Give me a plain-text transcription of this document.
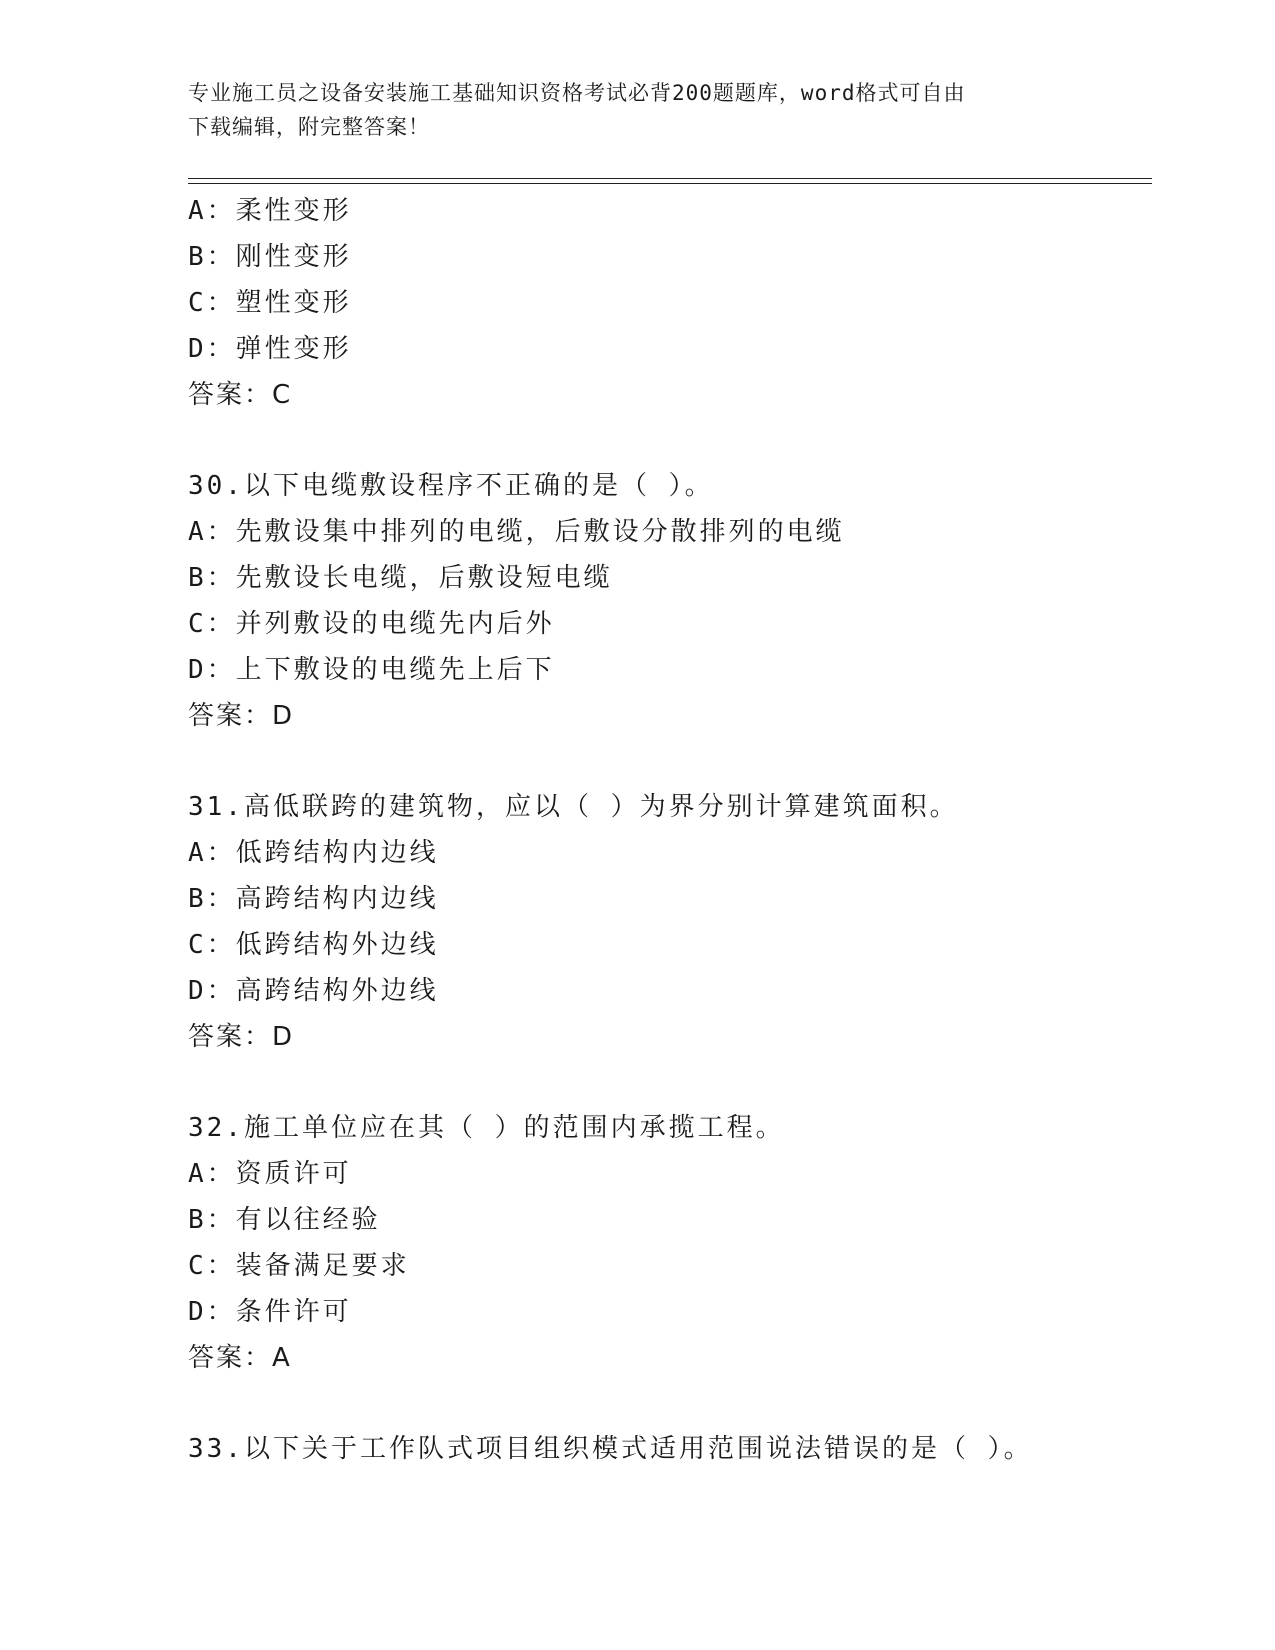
专业施工员之设备安装施工基础知识资格考试必背200题题库，word格式可自由
下载编辑，附完整答案！
A：柔性变形
B：刚性变形
C：塑性变形
D：弹性变形
答案：C
30.以下电缆敷设程序不正确的是（ ）。
A：先敷设集中排列的电缆，后敷设分散排列的电缆
B：先敷设长电缆，后敷设短电缆
C：并列敷设的电缆先内后外
D：上下敷设的电缆先上后下
答案：D
31.高低联跨的建筑物，应以（ ）为界分别计算建筑面积。
A：低跨结构内边线
B：高跨结构内边线
C：低跨结构外边线
D：高跨结构外边线
答案：D
32.施工单位应在其（ ）的范围内承揽工程。
A：资质许可
B：有以往经验
C：装备满足要求
D：条件许可
答案：A
33.以下关于工作队式项目组织模式适用范围说法错误的是（ ）。
